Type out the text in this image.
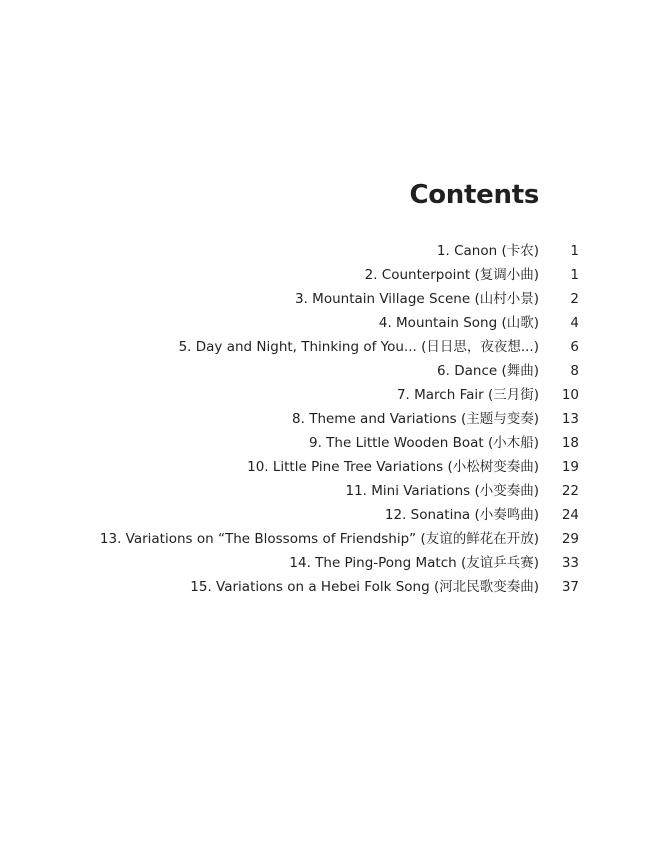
Contents
1. Canon (卡农) 1
2. Counterpoint (复调小曲) 1
3. Mountain Village Scene (山村小景) 2
4. Mountain Song (山歌) 4
5. Day and Night, Thinking of You... (日日思，夜夜想...) 6
6. Dance (舞曲) 8
7. March Fair (三月街) 10
8. Theme and Variations (主题与变奏) 13
9. The Little Wooden Boat (小木船) 18
10. Little Pine Tree Variations (小松树变奏曲) 19
11. Mini Variations (小变奏曲) 22
12. Sonatina (小奏鸣曲) 24
13. Variations on “The Blossoms of Friendship” (友谊的鲜花在开放) 29
14. The Ping-Pong Match (友谊乒乓赛) 33
15. Variations on a Hebei Folk Song (河北民歌变奏曲) 37
